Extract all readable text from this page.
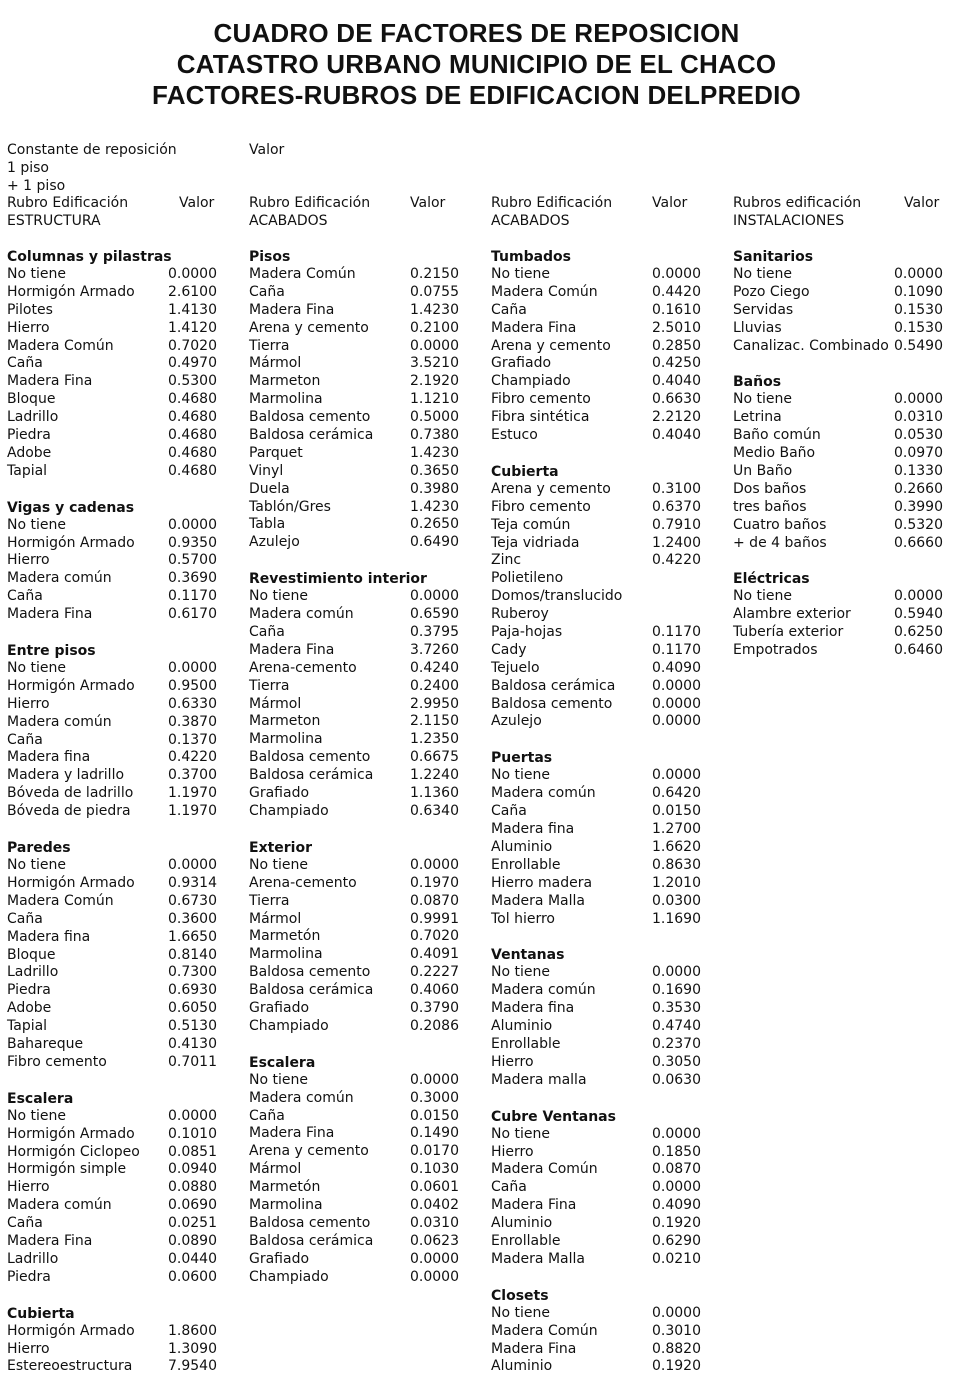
CUADRO DE FACTORES DE REPOSICION
CATASTRO URBANO MUNICIPIO DE EL CHACO
FACTORES-RUBROS DE EDIFICACION DELPREDIO
Constante de reposición
1 piso
+ 1 piso
Valor
Rubro Edificación
ESTRUCTURA
Valor
Columnas y pilastras
No tiene	0.0000
Hormigón Armado 2.6100
Pilotes	1.4130
Hierro	1.4120
Madera Común	0.7020
Caña	0.4970
Madera Fina	0.5300
Bloque	0.4680
Ladrillo	0.4680
Piedra	0.4680
Adobe	0.4680
Tapial	0.4680
Vigas y cadenas
No tiene	0.0000
Hormigón Armado 0.9350
Hierro	0.5700
Madera común	0.3690
Caña	0.1170
Madera Fina	0.6170
Entre pisos
No tiene	0.0000
Hormigón Armado 0.9500
Hierro	0.6330
Madera común	0.3870
Caña	0.1370
Madera fina	0.4220
Madera y ladrillo	0.3700
Bóveda de ladrillo 1.1970
Bóveda de piedra	1.1970
Paredes
No tiene	0.0000
Hormigón Armado 0.9314
Madera Común	0.6730
Caña	0.3600
Madera fina	1.6650
Bloque	0.8140
Ladrillo	0.7300
Piedra	0.6930
Adobe	0.6050
Tapial	0.5130
Bahareque	0.4130
Fibro cemento	0.7011
Escalera
No tiene	0.0000
Hormigón Armado 0.1010
Hormigón Ciclopeo 0.0851
Hormigón simple	0.0940
Hierro	0.0880
Madera común	0.0690
Caña	0.0251
Madera Fina	0.0890
Ladrillo	0.0440
Piedra	0.0600
Cubierta
Hormigón Armado 1.8600
Hierro	1.3090
Estereoestructura	7.9540
Rubro Edificación
ACABADOS
Valor
Pisos
Madera Común	0.2150
Caña	0.0755
Madera Fina	1.4230
Arena y cemento	0.2100
Tierra	0.0000
Mármol	3.5210
Marmeton	2.1920
Marmolina	1.1210
Baldosa cemento	0.5000
Baldosa cerámica	0.7380
Parquet	1.4230
Vinyl	0.3650
Duela	0.3980
Tablón/Gres	1.4230
Tabla	0.2650
Azulejo	0.6490
Revestimiento interior
No tiene	0.0000
Madera común	0.6590
Caña	0.3795
Madera Fina	3.7260
Arena-cemento	0.4240
Tierra	0.2400
Mármol	2.9950
Marmeton	2.1150
Marmolina	1.2350
Baldosa cemento	0.6675
Baldosa cerámica	1.2240
Grafiado	1.1360
Champiado	0.6340
Exterior
No tiene	0.0000
Arena-cemento	0.1970
Tierra	0.0870
Mármol	0.9991
Marmetón	0.7020
Marmolina	0.4091
Baldosa cemento	0.2227
Baldosa cerámica	0.4060
Grafiado	0.3790
Champiado	0.2086
Escalera
No tiene	0.0000
Madera común	0.3000
Caña	0.0150
Madera Fina	0.1490
Arena y cemento	0.0170
Mármol	0.1030
Marmetón	0.0601
Marmolina	0.0402
Baldosa cemento	0.0310
Baldosa cerámica	0.0623
Grafiado	0.0000
Champiado	0.0000
Rubro Edificación
ACABADOS
Valor
Tumbados
No tiene	0.0000
Madera Común	0.4420
Caña	0.1610
Madera Fina	2.5010
Arena y cemento	0.2850
Grafiado	0.4250
Champiado	0.4040
Fibro cemento	0.6630
Fibra sintética	2.2120
Estuco	0.4040
Cubierta
Arena y cemento	0.3100
Fibro cemento	0.6370
Teja común	0.7910
Teja vidriada	1.2400
Zinc	0.4220
Polietileno
Domos/translucido
Ruberoy
Paja-hojas	0.1170
Cady	0.1170
Tejuelo	0.4090
Baldosa cerámica	0.0000
Baldosa cemento	0.0000
Azulejo	0.0000
Puertas
No tiene	0.0000
Madera común	0.6420
Caña	0.0150
Madera fina	1.2700
Aluminio	1.6620
Enrollable	0.8630
Hierro madera	1.2010
Madera Malla	0.0300
Tol hierro	1.1690
Ventanas
No tiene	0.0000
Madera común	0.1690
Madera fina	0.3530
Aluminio	0.4740
Enrollable	0.2370
Hierro	0.3050
Madera malla	0.0630
Cubre Ventanas
No tiene	0.0000
Hierro	0.1850
Madera Común	0.0870
Caña	0.0000
Madera Fina	0.4090
Aluminio	0.1920
Enrollable	0.6290
Madera Malla	0.0210
Closets
No tiene	0.0000
Madera Común	0.3010
Madera Fina	0.8820
Aluminio	0.1920
Rubros edificación
INSTALACIONES
Valor
Sanitarios
No tiene	0.0000
Pozo Ciego	0.1090
Servidas	0.1530
Lluvias	0.1530
Canalizac. Combinado 0.5490
Baños
No tiene	0.0000
Letrina	0.0310
Baño común	0.0530
Medio Baño	0.0970
Un Baño	0.1330
Dos baños	0.2660
tres baños	0.3990
Cuatro baños	0.5320
+ de 4 baños	0.6660
Eléctricas
No tiene	0.0000
Alambre exterior	0.5940
Tubería exterior	0.6250
Empotrados	0.6460
